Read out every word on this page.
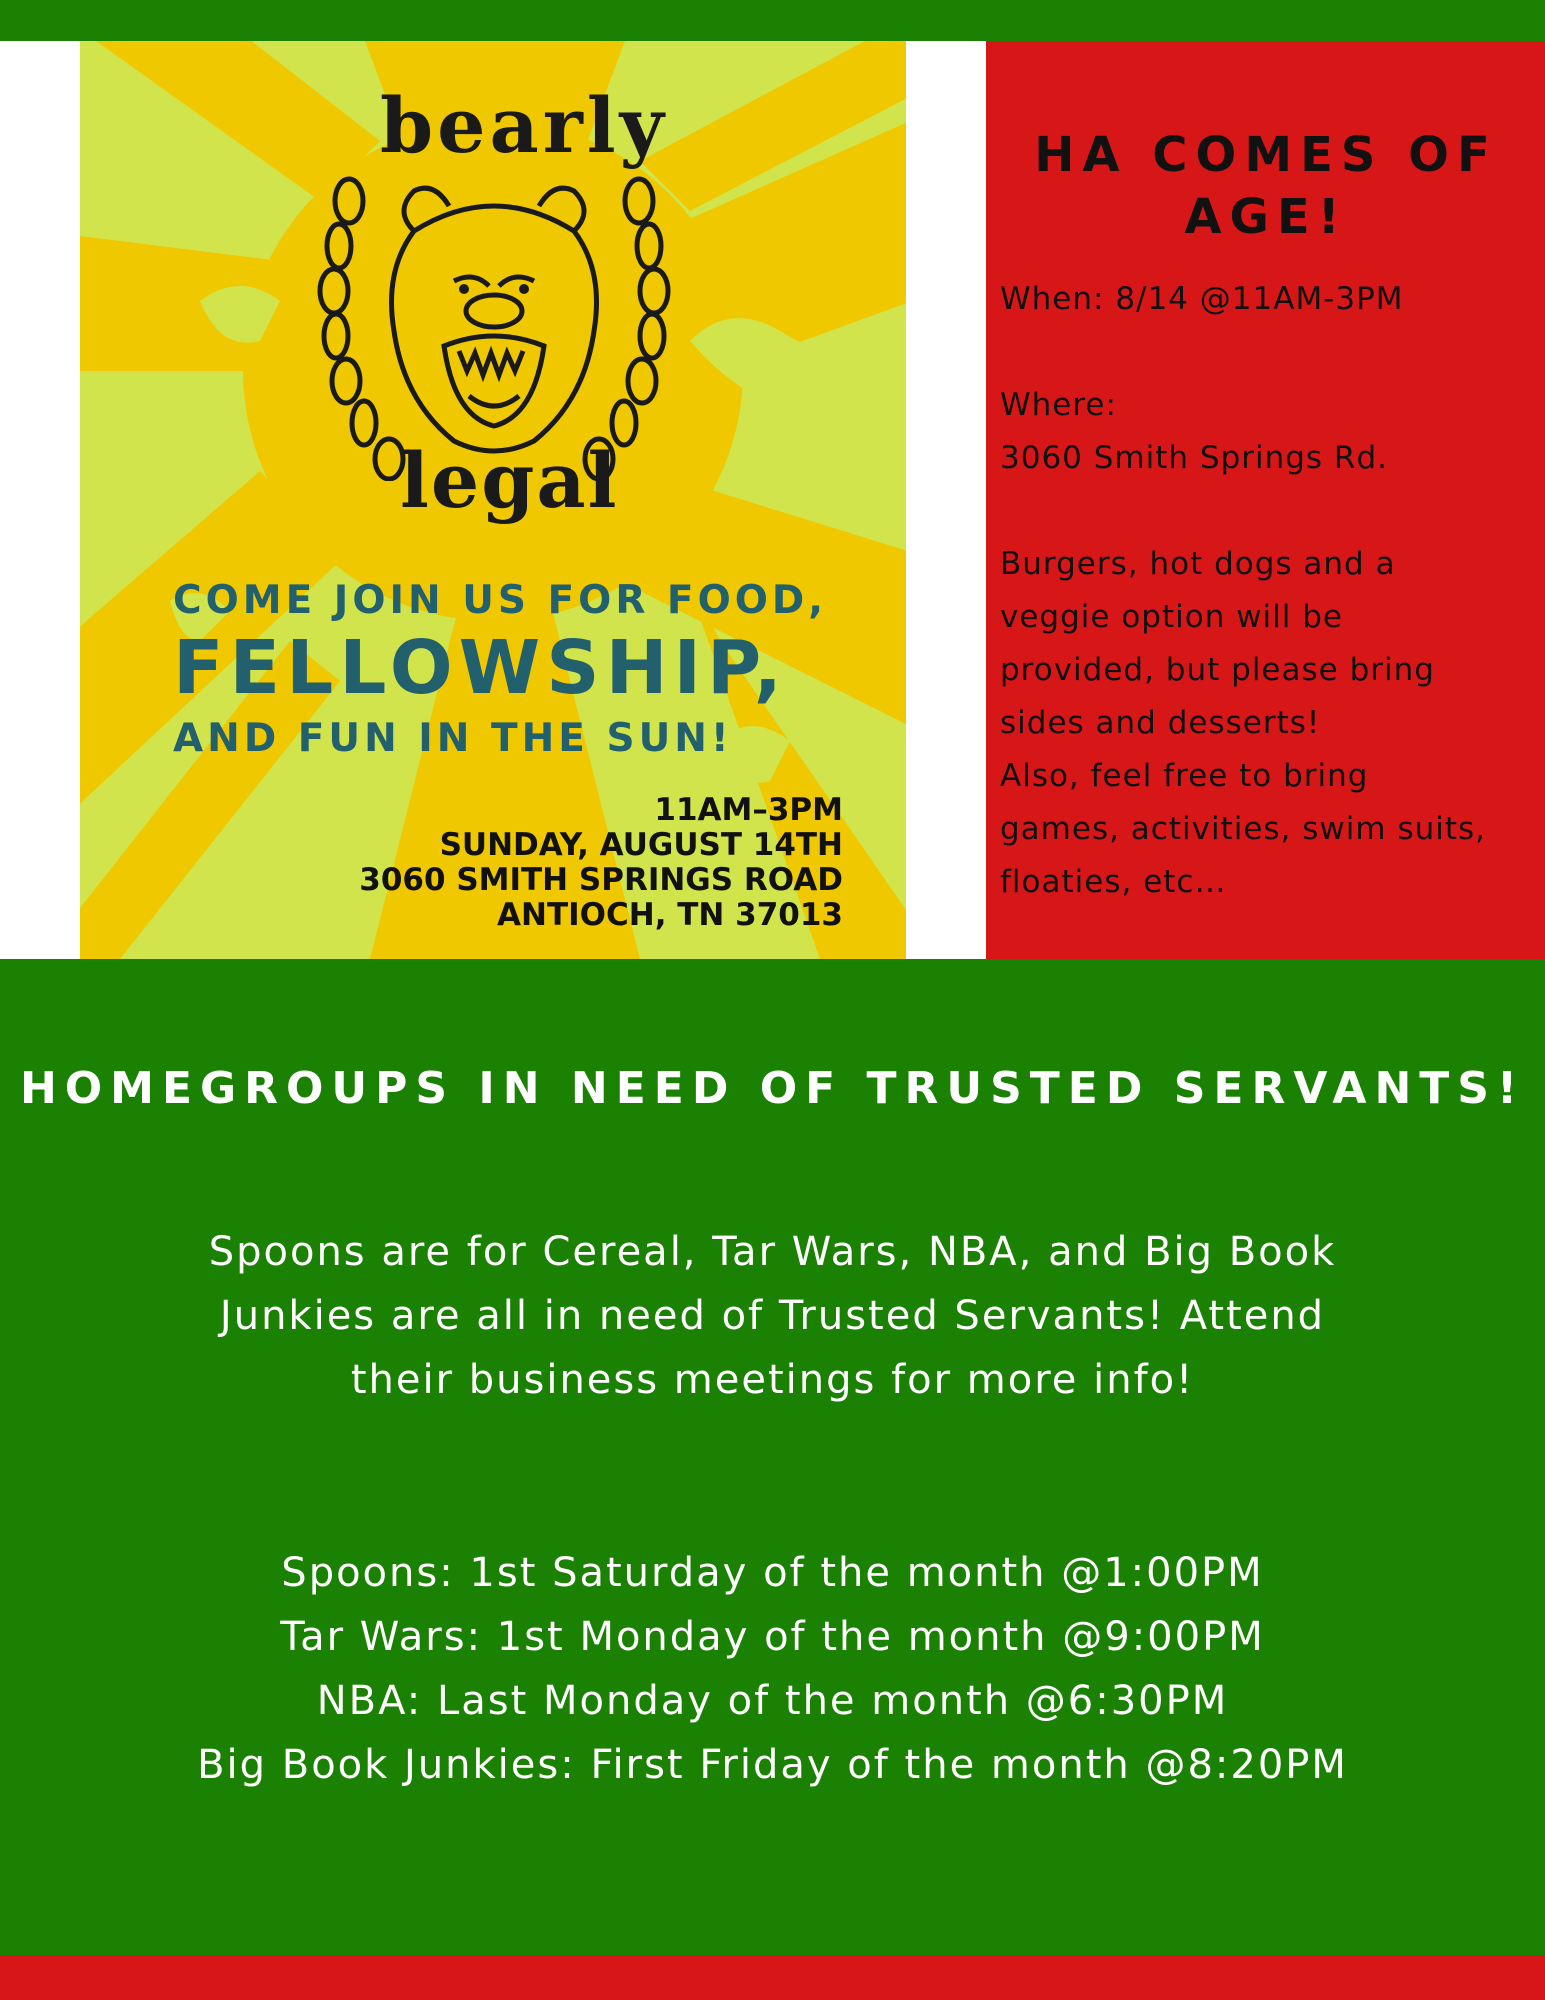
bearly
legal
COME JOIN US FOR FOOD,
FELLOWSHIP,
AND FUN IN THE SUN!
11AM–3PM
SUNDAY, AUGUST 14TH
3060 SMITH SPRINGS ROAD
ANTIOCH, TN 37013
HA COMES OF
AGE!
When: 8/14 @11AM-3PM
Where:
3060 Smith Springs Rd.
Burgers, hot dogs and a
veggie option will be
provided, but please bring
sides and desserts!
Also, feel free to bring
games, activities, swim suits,
floaties, etc…
HOMEGROUPS IN NEED OF TRUSTED SERVANTS!
Spoons are for Cereal, Tar Wars, NBA, and Big Book
Junkies are all in need of Trusted Servants! Attend
their business meetings for more info!
Spoons: 1st Saturday of the month @1:00PM
Tar Wars: 1st Monday of the month @9:00PM
NBA: Last Monday of the month @6:30PM
Big Book Junkies: First Friday of the month @8:20PM
